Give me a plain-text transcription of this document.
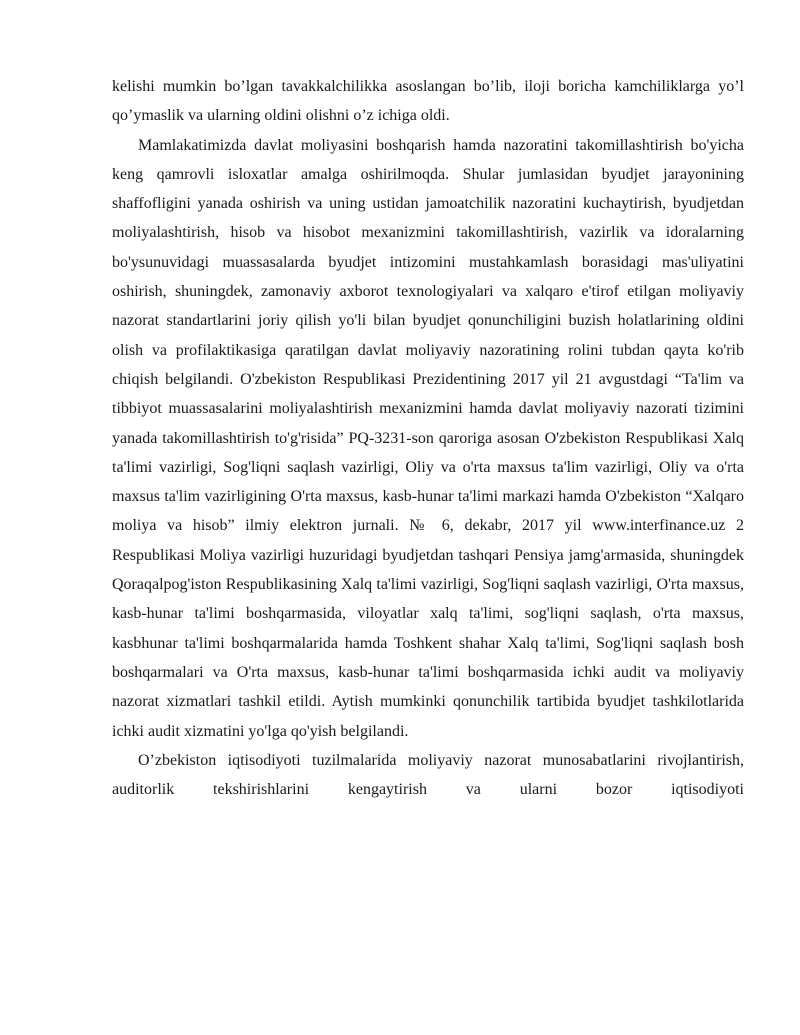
kelishi mumkin bo’lgan tavakkalchilikka asoslangan bo’lib, iloji boricha kamchiliklarga yo’l qo’ymaslik va ularning oldini olishni o’z ichiga oldi.

Mamlakatimizda davlat moliyasini boshqarish hamda nazoratini takomillashtirish bo'yicha keng qamrovli isloxatlar amalga oshirilmoqda. Shular jumlasidan byudjet jarayonining shaffofligini yanada oshirish va uning ustidan jamoatchilik nazoratini kuchaytirish, byudjetdan moliyalashtirish, hisob va hisobot mexanizmini takomillashtirish, vazirlik va idoralarning bo'ysunuvidagi muassasalarda byudjet intizomini mustahkamlash borasidagi mas'uliyatini oshirish, shuningdek, zamonaviy axborot texnologiyalari va xalqaro e'tirof etilgan moliyaviy nazorat standartlarini joriy qilish yo'li bilan byudjet qonunchiligini buzish holatlarining oldini olish va profilaktikasiga qaratilgan davlat moliyaviy nazoratining rolini tubdan qayta ko'rib chiqish belgilandi. O'zbekiston Respublikasi Prezidentining 2017 yil 21 avgustdagi “Ta'lim va tibbiyot muassasalarini moliyalashtirish mexanizmini hamda davlat moliyaviy nazorati tizimini yanada takomillashtirish to'g'risida” PQ-3231-son qaroriga asosan O'zbekiston Respublikasi Xalq ta'limi vazirligi, Sog'liqni saqlash vazirligi, Oliy va o'rta maxsus ta'lim vazirligi, Oliy va o'rta maxsus ta'lim vazirligining O'rta maxsus, kasb-hunar ta'limi markazi hamda O'zbekiston “Xalqaro moliya va hisob” ilmiy elektron jurnali. № 6, dekabr, 2017 yil www.interfinance.uz 2 Respublikasi Moliya vazirligi huzuridagi byudjetdan tashqari Pensiya jamg'armasida, shuningdek Qoraqalpog'iston Respublikasining Xalq ta'limi vazirligi, Sog'liqni saqlash vazirligi, O'rta maxsus, kasb-hunar ta'limi boshqarmasida, viloyatlar xalq ta'limi, sog'liqni saqlash, o'rta maxsus, kasbhunar ta'limi boshqarmalarida hamda Toshkent shahar Xalq ta'limi, Sog'liqni saqlash bosh boshqarmalari va O'rta maxsus, kasb-hunar ta'limi boshqarmasida ichki audit va moliyaviy nazorat xizmatlari tashkil etildi. Aytish mumkinki qonunchilik tartibida byudjet tashkilotlarida ichki audit xizmatini yo'lga qo'yish belgilandi.

O’zbekiston iqtisodiyoti tuzilmalarida moliyaviy nazorat munosabatlarini rivojlantirish, auditorlik tekshirishlarini kengaytirish va ularni bozor iqtisodiyoti
